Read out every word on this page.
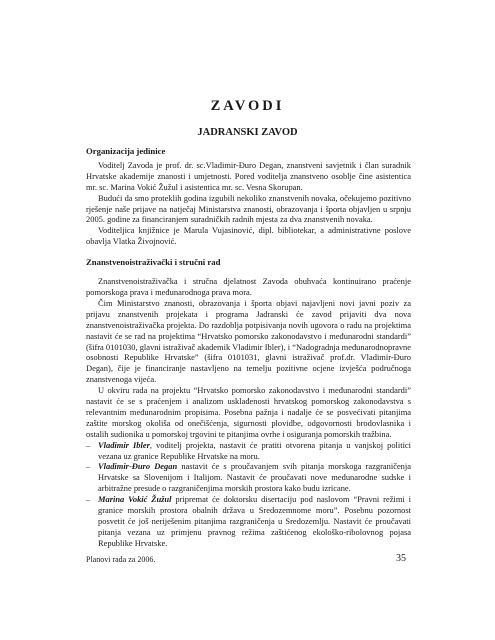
ZAVODI
JADRANSKI ZAVOD
Organizacija jedinice

Voditelj Zavoda je prof. dr. sc.Vladimir-Đuro Degan, znanstveni savjetnik i član suradnik Hrvatske akademije znanosti i umjetnosti. Pored voditelja znanstveno osoblje čine asistentica mr. sc. Marina Vokić Žužul i asistentica mr. sc. Vesna Skorupan.

Budući da smo proteklih godina izgubili nekoliko znanstvenih novaka, očekujemo pozitivno rješenje naše prijave na natječaj Ministarstva znanosti, obrazovanja i športa objavljen u srpnju 2005. godine za financiranjem suradničkih radnih mjesta za dva znanstvenih novaka.

Voditeljica knjižnice je Marula Vujasinović, dipl. bibliotekar, a administrativne poslove obavlja Vlatka Živojnović.

Znanstvenoistraživački i stručni rad

Znanstvenoistraživačka i stručna djelatnost Zavoda obuhvaća kontinuirano praćenje pomorskoga prava i međunarodnoga prava mora.

Čim Ministarstvo znanosti, obrazovanja i športa objavi najavljeni novi javni poziv za prijavu znanstvenih projekata i programa Jadranski će zavod prijaviti dva nova znanstvenoistraživačka projekta. Do razdoblja potpisivanja novih ugovora o radu na projektima nastavit će se rad na projektima “Hrvatsko pomorsko zakonodavstvo i međunarodni standardi” (šifra 0101030, glavni istraživač akademik Vladimir Ibler), i “Nadogradnja međunarodnopravne osobnosti Republike Hrvatske” (šifra 0101031, glavni istraživač prof.dr. Vladimir-Đuro Degan), čije je financiranje nastavljeno na temelju pozitivne ocjene izvješća područnoga znanstvenoga vijeća.

U okviru rada na projektu “Hrvatsko pomorsko zakonodavstvo i međunarodni standardi” nastavit će se s praćenjem i analizom usklađenosti hrvatskog pomorskog zakonodavstva s relevantnim međunarodnim propisima. Posebna pažnja i nadalje će se posvećivati pitanjima zaštite morskog okoliša od onečišćenja, sigurnosti plovidbe, odgovornosti brodovlasnika i ostalih sudionika u pomorskoj trgovini te pitanjima ovrhe i osiguranja pomorskih tražbina.

– Vladimir Ibler, voditelj projekta, nastavit će pratiti otvorena pitanja u vanjskoj politici vezana uz granice Republike Hrvatske na moru.
– Vladimir-Đuro Degan nastavit će s proučavanjem svih pitanja morskoga razgraničenja Hrvatske sa Slovenijom i Italijom. Nastavit će proučavati nove međunarodne sudske i arbitražne presude o razgraničenjima morskih prostora kako budu izricane.
– Marina Vokić Žužul pripremat će doktorsku disertaciju pod naslovom “Pravni režimi i granice morskih prostora obalnih država u Sredozemnome moru”. Posebnu pozornost posvetit će još neriješenim pitanjima razgraničenja u Sredozemlju. Nastavit će proučavati pitanja vezana uz primjenu pravnog režima zaštićenog ekološko-ribolovnog pojasa Republike Hrvatske.
Planovi rada za 2006.	35
